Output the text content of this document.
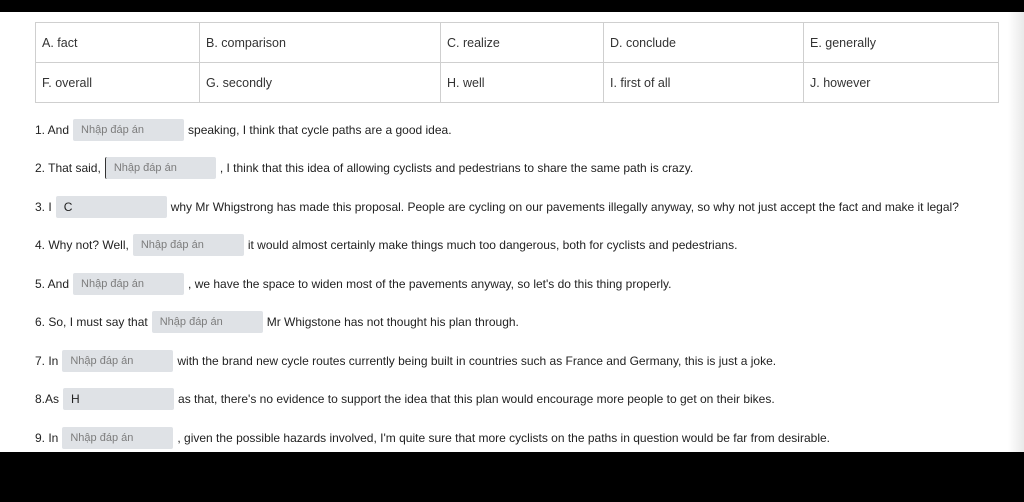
A. fact	B. comparison	C. realize	D. conclude	E. generally
F. overall	G. secondly	H. well	I. first of all	J. however
1. And	Nhập đáp án	speaking, I think that cycle paths are a good idea.
2. That said,	Nhập đáp án	, I think that this idea of allowing cyclists and pedestrians to share the same path is crazy.
3. I	C	why Mr Whigstrong has made this proposal. People are cycling on our pavements illegally anyway, so why not just accept the fact and make it legal?
4. Why not? Well,	Nhập đáp án	it would almost certainly make things much too dangerous, both for cyclists and pedestrians.
5. And	Nhập đáp án	, we have the space to widen most of the pavements anyway, so let's do this thing properly.
6. So, I must say that	Nhập đáp án	Mr Whigstone has not thought his plan through.
7. In	Nhập đáp án	with the brand new cycle routes currently being built in countries such as France and Germany, this is just a joke.
8.As	H	as that, there's no evidence to support the idea that this plan would encourage more people to get on their bikes.
9. In	Nhập đáp án	, given the possible hazards involved, I'm quite sure that more cyclists on the paths in question would be far from desirable.
